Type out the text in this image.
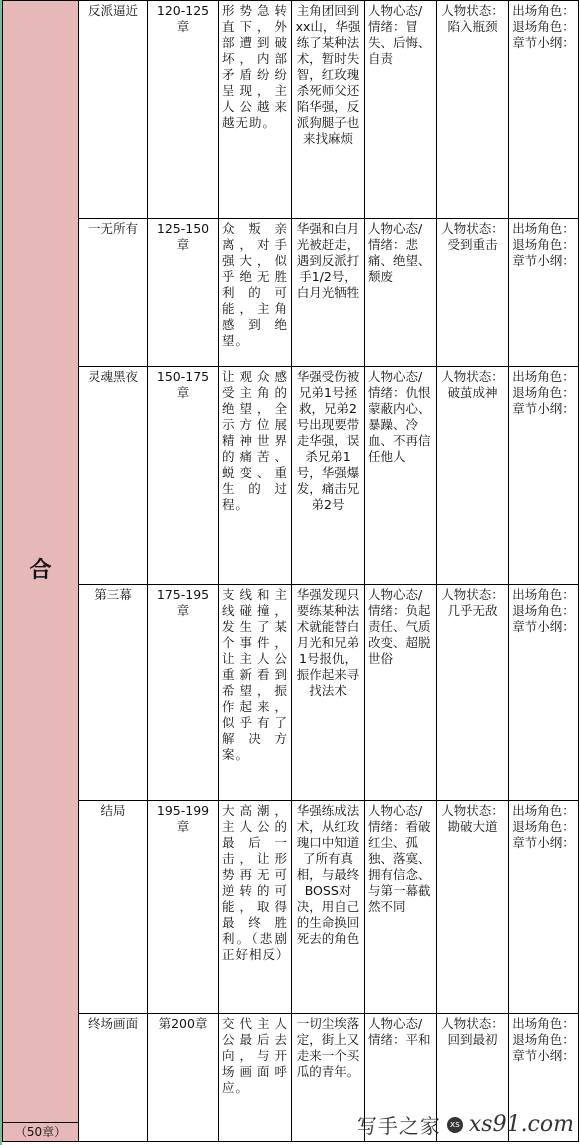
合
（50章）	反派逼近	120-125章	形势急转直下，外部遭到破坏，内部矛盾纷纷呈现，主人公越来越无助。	主角团回到xx山，华强练了某种法术，暂时失智，红玫瑰杀死师父还陷华强，反派狗腿子也来找麻烦	人物心态/情绪：冒失、后悔、自责	人物状态：陷入瓶颈	出场角色：退场角色：章节小纲：
	一无所有	125-150章	众叛亲离，对手强大，似乎绝无胜利的可能，主角感到绝望。	华强和白月光被赶走，遇到反派打手1/2号，白月光牺牲	人物心态/情绪：悲痛、绝望、颓废	人物状态：受到重击	出场角色：退场角色：章节小纲：
	灵魂黑夜	150-175章	让观众感受主角的绝望，全示方位展精神世界的痛苦、蜕变、重生的过程。	华强受伤被兄弟1号拯救，兄弟2号出现要带走华强，误杀兄弟1号，华强爆发，痛击兄弟2号	人物心态/情绪：仇恨蒙蔽内心、暴躁、冷血、不再信任他人	人物状态：破茧成神	出场角色：退场角色：章节小纲：
	第三幕	175-195章	支线和主线碰撞，发生了某个事件，让主人公重新看到希望，振作起来，似乎有了解决方案。	华强发现只要练某种法术就能替白月光和兄弟1号报仇，振作起来寻找法术	人物心态/情绪：负起责任、气质改变、超脱世俗	人物状态：几乎无敌	出场角色：退场角色：章节小纲：
	结局	195-199章	大高潮，主人公的最后一击，让形势再无可逆转的可能，取得最终胜利。（悲剧正好相反）	华强练成法术，从红玫瑰口中知道了所有真相，与最终BOSS对决，用自己的生命换回死去的角色	人物心态/情绪：看破红尘、孤独、落寞、拥有信念、与第一幕截然不同	人物状态：勘破大道	出场角色：退场角色：章节小纲：
	终场画面	第200章	交代主人公最后去向，与开场画面呼应。	一切尘埃落定，街上又走来一个买瓜的青年。	人物心态/情绪：平和	人物状态：回到最初	出场角色：退场角色：章节小纲：
写手之家 xs xs91.com
